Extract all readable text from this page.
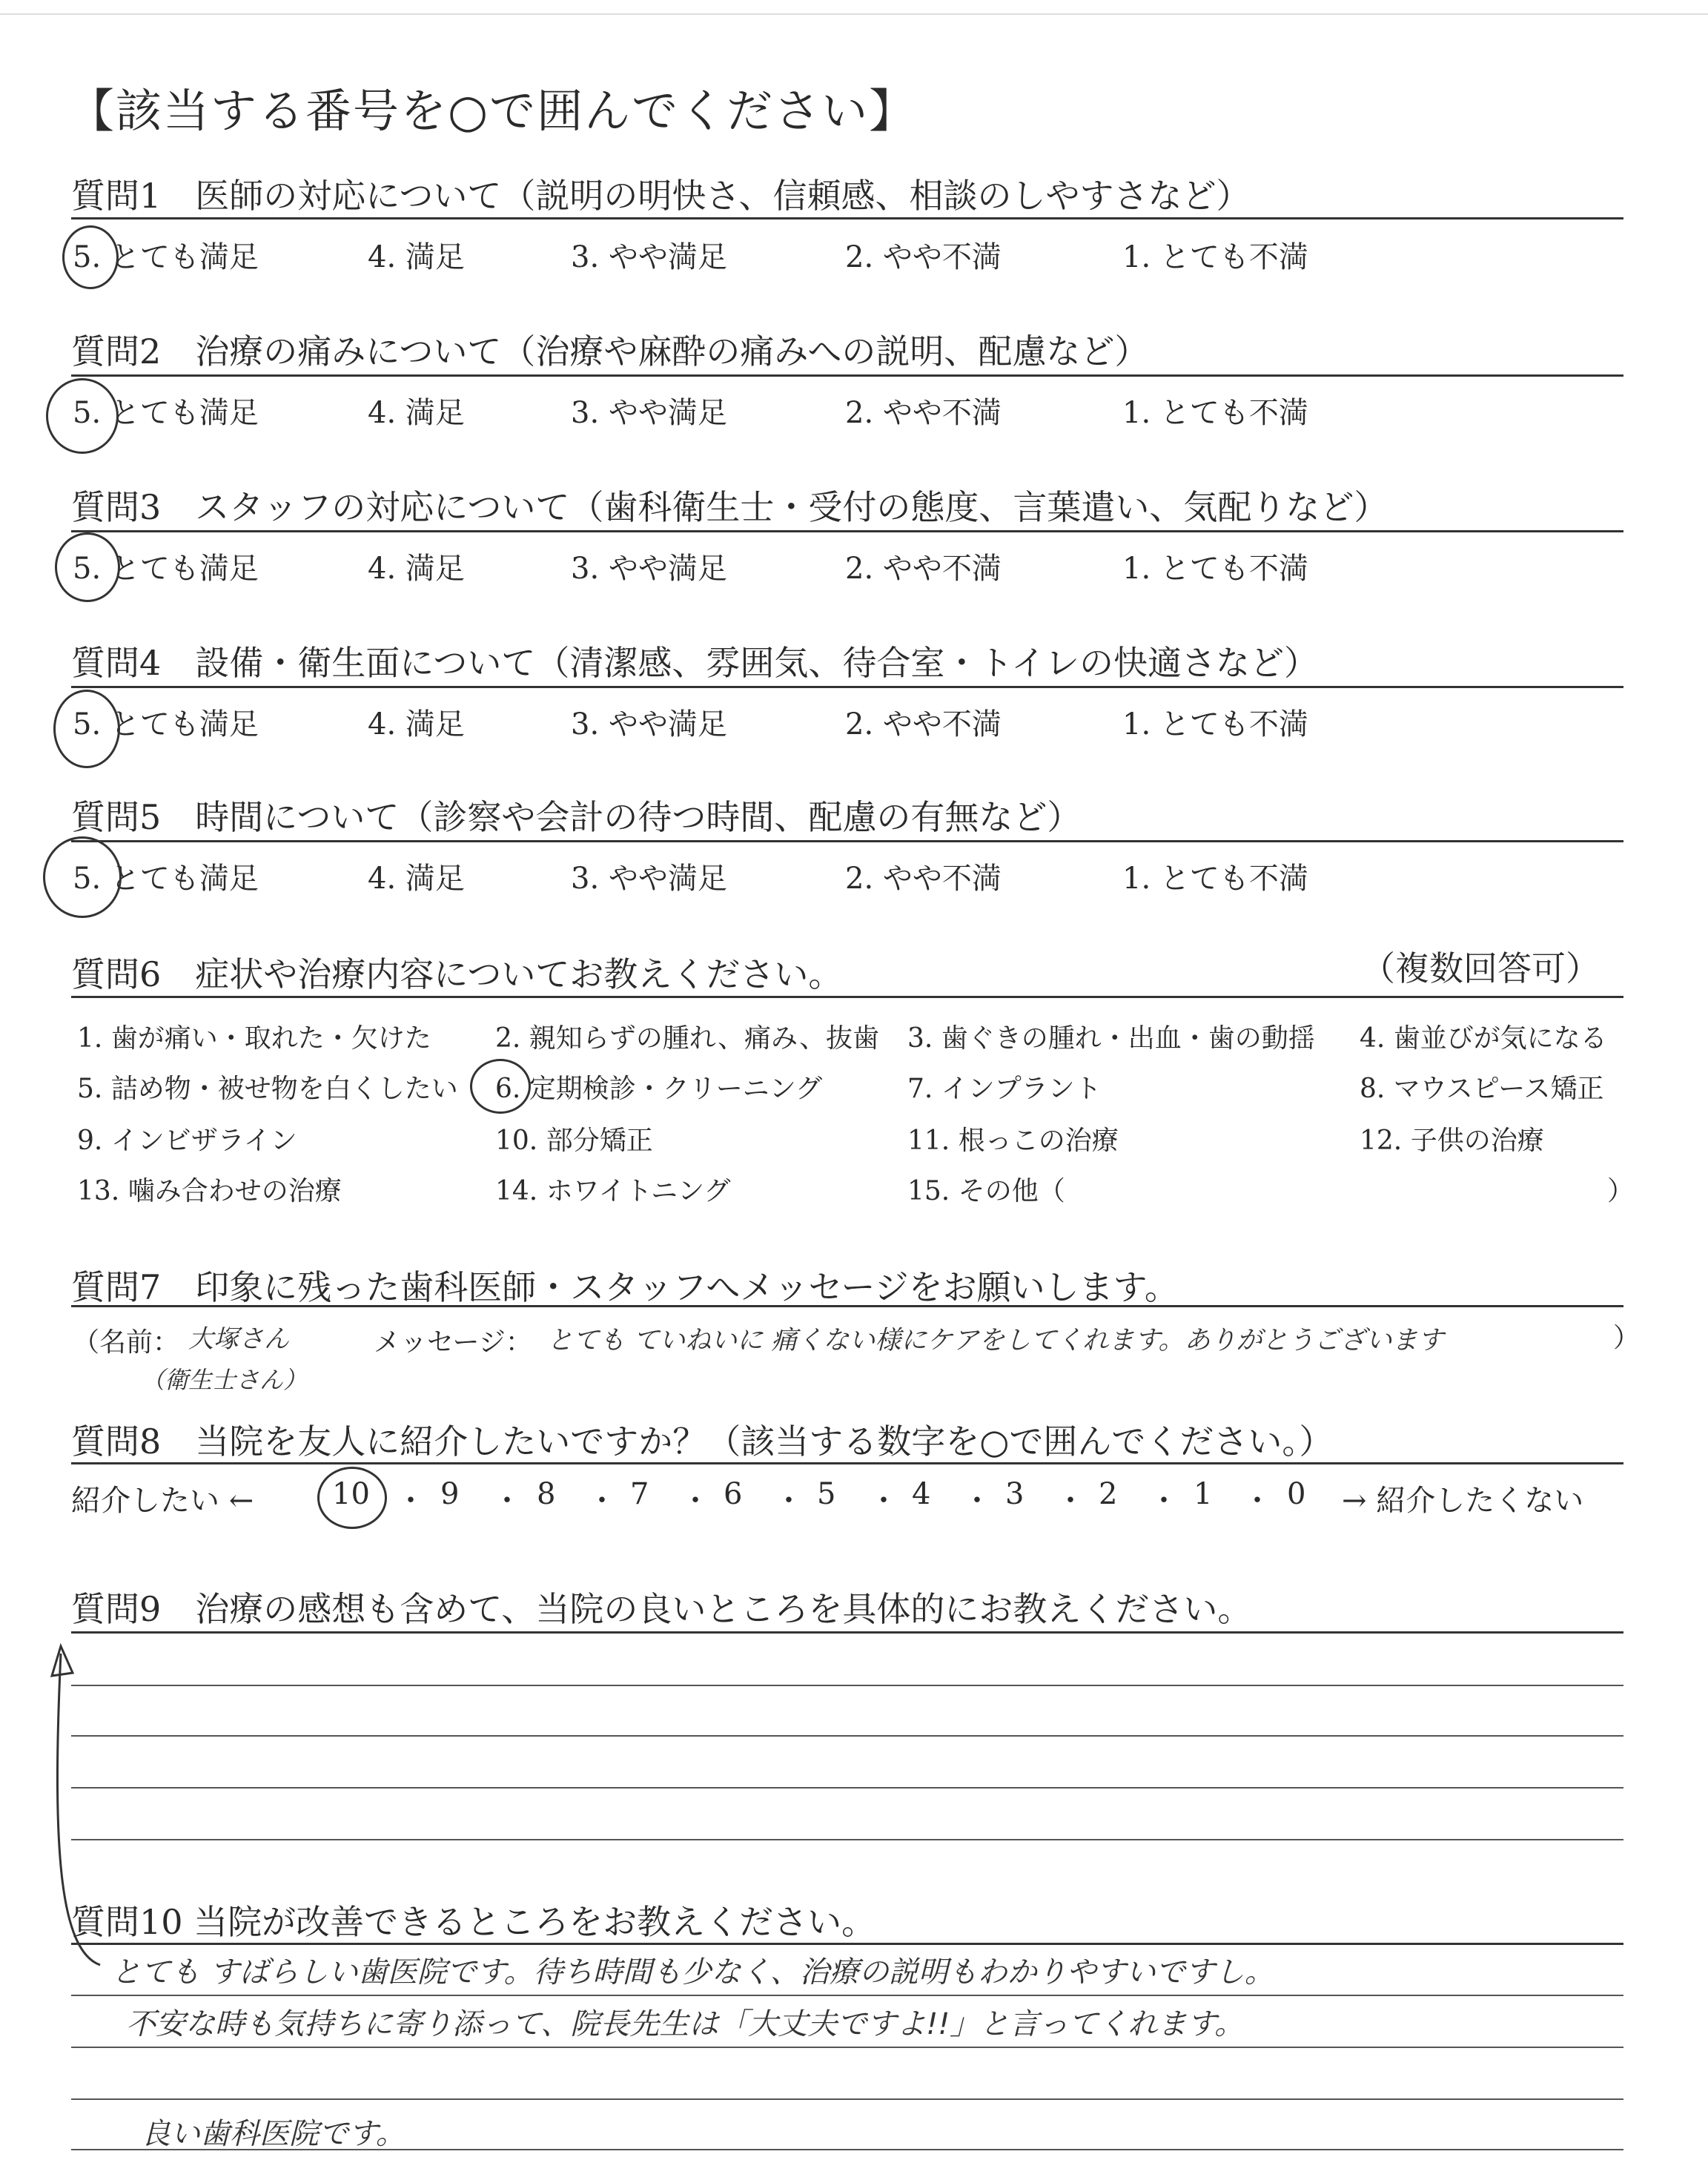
【該当する番号を○で囲んでください】
質問1　医師の対応について（説明の明快さ、信頼感、相談のしやすさなど）
5. とても満足	4. 満足	3. やや満足	2. やや不満	1. とても不満
質問2　治療の痛みについて（治療や麻酔の痛みへの説明、配慮など）
5. とても満足	4. 満足	3. やや満足	2. やや不満	1. とても不満
質問3　スタッフの対応について（歯科衛生士・受付の態度、言葉遣い、気配りなど）
5. とても満足	4. 満足	3. やや満足	2. やや不満	1. とても不満
質問4　設備・衛生面について（清潔感、雰囲気、待合室・トイレの快適さなど）
5. とても満足	4. 満足	3. やや満足	2. やや不満	1. とても不満
質問5　時間について（診察や会計の待つ時間、配慮の有無など）
5. とても満足	4. 満足	3. やや満足	2. やや不満	1. とても不満
質問6　症状や治療内容についてお教えください。	（複数回答可）
1. 歯が痛い・取れた・欠けた 2. 親知らずの腫れ、痛み、抜歯 3. 歯ぐきの腫れ・出血・歯の動揺 4. 歯並びが気になる
5. 詰め物・被せ物を白くしたい 6. 定期検診・クリーニング	7. インプラント	8. マウスピース矯正
9. インビザライン	10. 部分矯正	11. 根っこの治療	12. 子供の治療
13. 噛み合わせの治療	14. ホワイトニング	15. その他（	）
質問7　印象に残った歯科医師・スタッフへメッセージをお願いします。
（名前： 大塚さん
（衛生士さん）
メッセージ： とても ていねいに 痛くない様にケアをしてくれます。ありがとうございます	）
質問8　当院を友人に紹介したいですか？（該当する数字を○で囲んでください。）
紹介したい ←	10 ・ 9 ・ 8 ・ 7 ・ 6 ・ 5 ・ 4 ・ 3 ・ 2 ・ 1 ・ 0 → 紹介したくない
質問9　治療の感想も含めて、当院の良いところを具体的にお教えください。
質問10 当院が改善できるところをお教えください。
とても すばらしい歯医院です。待ち時間も少なく、治療の説明もわかりやすいですし。
不安な時も気持ちに寄り添って、院長先生は「大丈夫ですよ!!」と言ってくれます。
良い歯科医院です。
